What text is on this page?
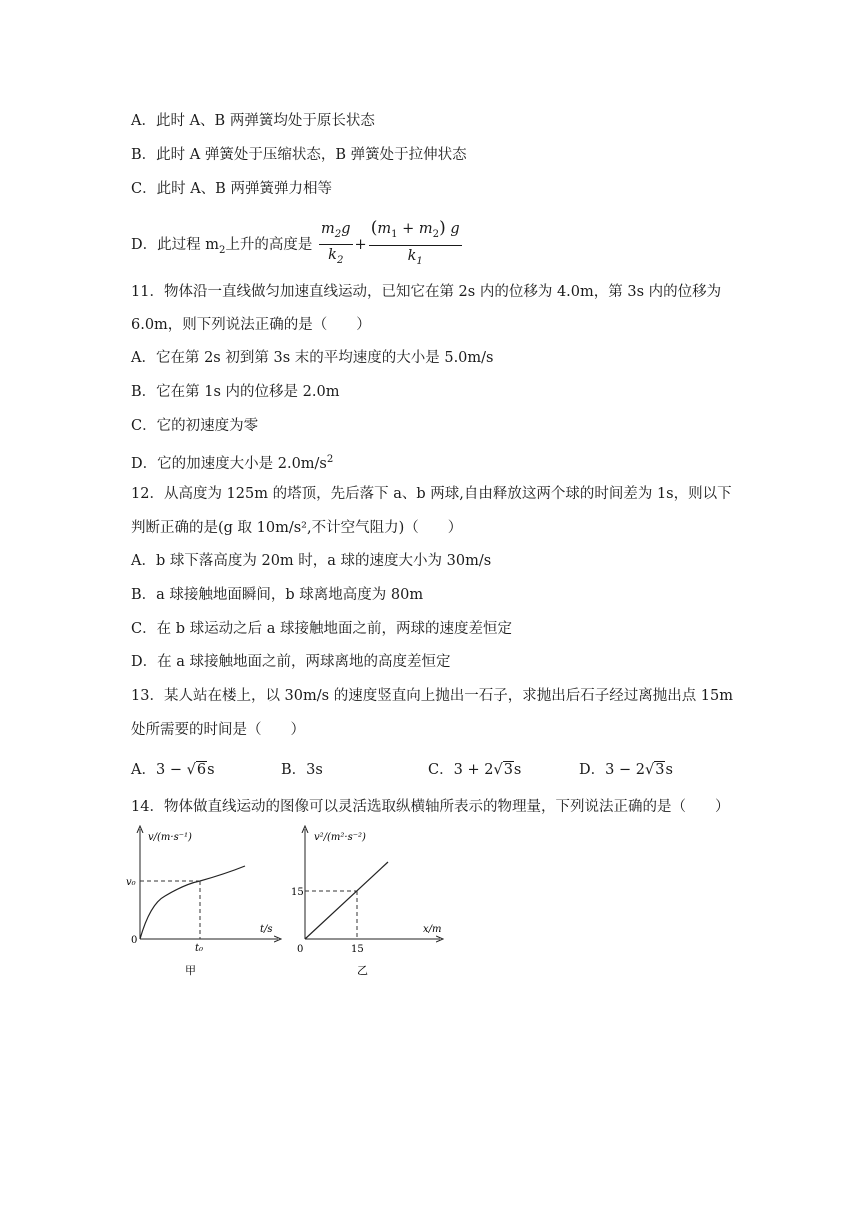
A．此时 A、B 两弹簧均处于原长状态
B．此时 A 弹簧处于压缩状态，B 弹簧处于拉伸状态
C．此时 A、B 两弹簧弹力相等
D．此过程 $m_2$上升的高度是 $\frac{m_2g}{k_2} + \frac{(m_1 + m_2) g}{k_1}$
11．物体沿一直线做匀加速直线运动，已知它在第 2s 内的位移为 4.0m，第 3s 内的位移为
6.0m，则下列说法正确的是（　　）
A．它在第 2s 初到第 3s 末的平均速度的大小是 5.0m/s
B．它在第 1s 内的位移是 2.0m
C．它的初速度为零
D．它的加速度大小是 $2.0m/s^2$
12．从高度为 125m 的塔顶，先后落下 a、b 两球,自由释放这两个球的时间差为 1s，则以下
判断正确的是(g 取 10m/s²,不计空气阻力)（　　）
A．b 球下落高度为 20m 时，a 球的速度大小为 30m/s
B．a 球接触地面瞬间，b 球离地高度为 80m
C．在 b 球运动之后 a 球接触地面之前，两球的速度差恒定
D．在 a 球接触地面之前，两球离地的高度差恒定
13．某人站在楼上，以 30m/s 的速度竖直向上抛出一石子，求抛出后石子经过离抛出点 15m
处所需要的时间是（　　）
A．3 − √6s	B．3s	C．3 + 2√3s	D．3 − 2√3s
14．物体做直线运动的图像可以灵活选取纵横轴所表示的物理量，下列说法正确的是（　　）
v/(m·s⁻¹)
t/s
v₀
t₀
0
甲
v²/(m²·s⁻²)
x/m
15
15
0
乙
